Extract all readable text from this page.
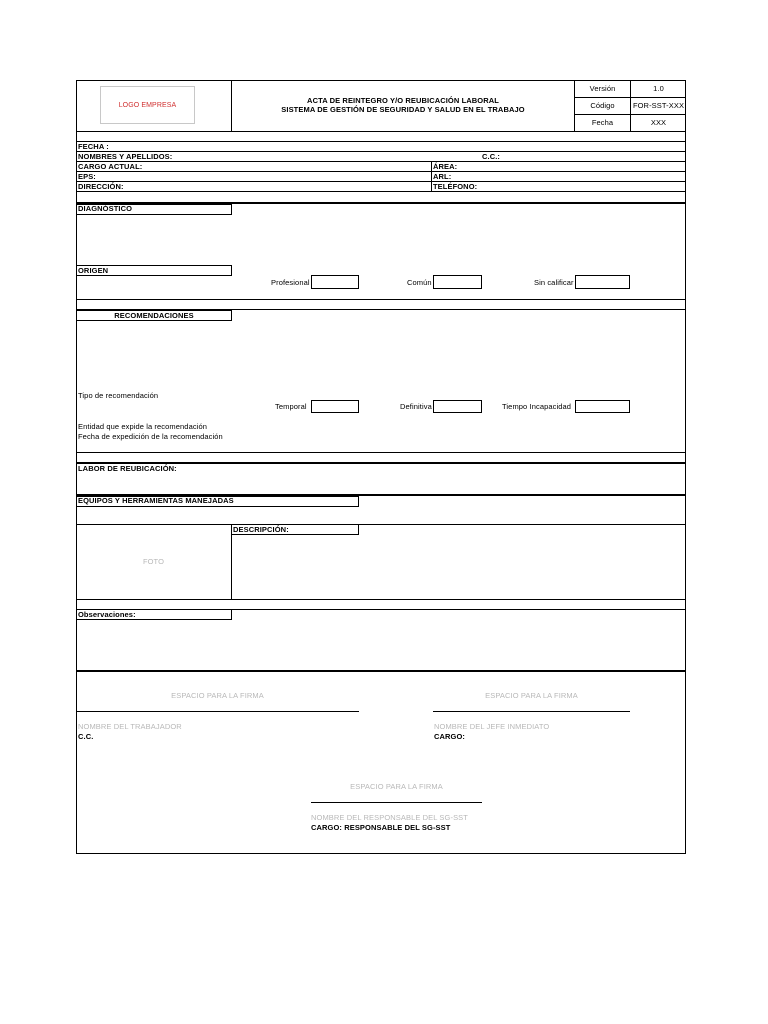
LOGO EMPRESA
ACTA DE REINTEGRO Y/O REUBICACIÓN LABORAL
SISTEMA DE GESTIÓN DE SEGURIDAD Y SALUD EN EL TRABAJO
Versión	1.0
Código	FOR-SST-XXX
Fecha	XXX
FECHA :
NOMBRES Y APELLIDOS:	C.C.:
CARGO ACTUAL:	ÁREA:
EPS:	ARL:
DIRECCIÓN:	TELÉFONO:
DIAGNÓSTICO
ORIGEN
Profesional	Común	Sin calificar
RECOMENDACIONES
Tipo de recomendación
Temporal	Definitiva	Tiempo Incapacidad
Entidad que expide la recomendación
Fecha de expedición de la recomendación
LABOR DE REUBICACIÓN:
EQUIPOS Y HERRAMIENTAS MANEJADAS
FOTO
DESCRIPCIÓN:
Observaciones:
ESPACIO PARA LA FIRMA
NOMBRE DEL TRABAJADOR
C.C.
ESPACIO PARA LA FIRMA
NOMBRE DEL JEFE INMEDIATO
CARGO:
ESPACIO PARA LA FIRMA
NOMBRE DEL RESPONSABLE DEL SG-SST
CARGO: RESPONSABLE DEL SG-SST
